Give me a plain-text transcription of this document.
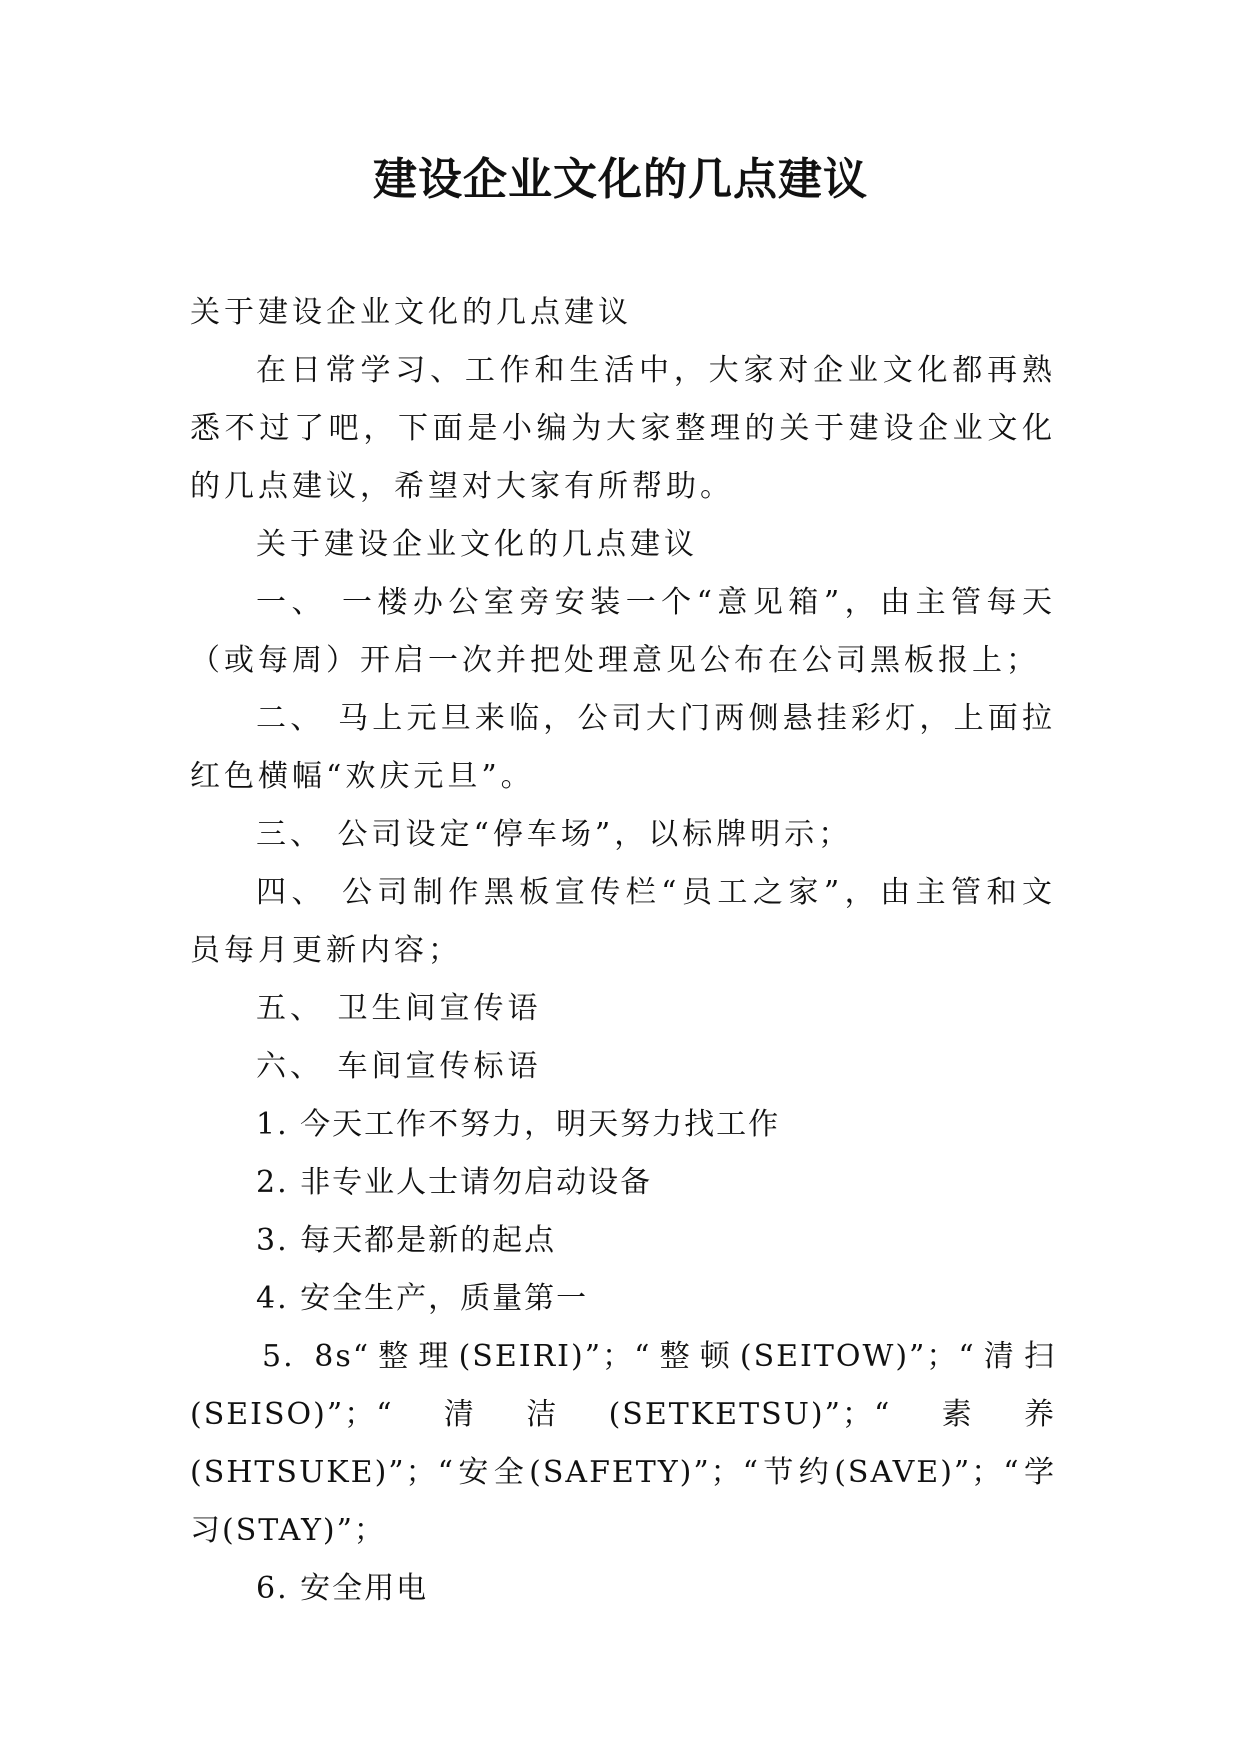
建设企业文化的几点建议

关于建设企业文化的几点建议

在日常学习、工作和生活中，大家对企业文化都再熟悉不过了吧，下面是小编为大家整理的关于建设企业文化的几点建议，希望对大家有所帮助。

关于建设企业文化的几点建议

一、 一楼办公室旁安装一个“意见箱”，由主管每天（或每周）开启一次并把处理意见公布在公司黑板报上；

二、 马上元旦来临，公司大门两侧悬挂彩灯，上面拉红色横幅“欢庆元旦”。

三、 公司设定“停车场”，以标牌明示；

四、 公司制作黑板宣传栏“员工之家”，由主管和文员每月更新内容；

五、 卫生间宣传语

六、 车间宣传标语

1. 今天工作不努力，明天努力找工作

2. 非专业人士请勿启动设备

3. 每天都是新的起点

4. 安全生产，质量第一

5. 8s“整理(SEIRI)”；“整顿(SEITOW)”；“清扫(SEISO)”；“清洁(SETKETSU)”；“素养(SHTSUKE)”；“安全(SAFETY)”；“节约(SAVE)”；“学习(STAY)”；

6. 安全用电
